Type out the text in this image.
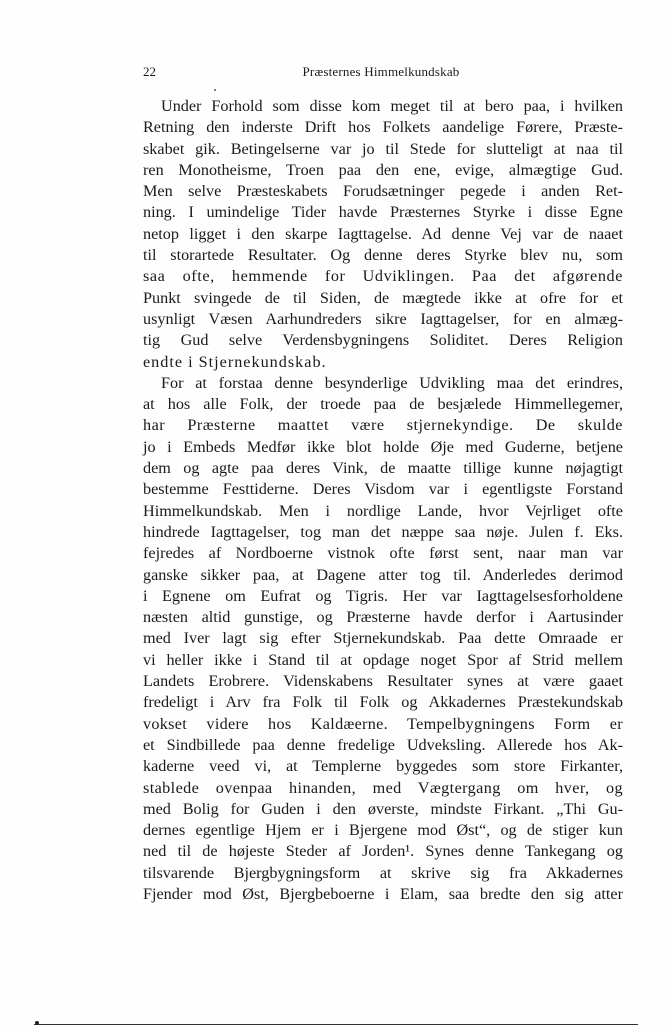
22	Præsternes Himmelkundskab
Under Forhold som disse kom meget til at bero paa, i hvilken
Retning den inderste Drift hos Folkets aandelige Førere, Præste-
skabet gik. Betingelserne var jo til Stede for slutteligt at naa til
ren Monotheisme, Troen paa den ene, evige, almægtige Gud.
Men selve Præsteskabets Forudsætninger pegede i anden Ret-
ning. I umindelige Tider havde Præsternes Styrke i disse Egne
netop ligget i den skarpe Iagttagelse. Ad denne Vej var de naaet
til storartede Resultater. Og denne deres Styrke blev nu, som
saa ofte, hemmende for Udviklingen. Paa det afgørende
Punkt svingede de til Siden, de mægtede ikke at ofre for et
usynligt Væsen Aarhundreders sikre Iagttagelser, for en almæg-
tig Gud selve Verdensbygningens Soliditet. Deres Religion
endte i Stjernekundskab.
For at forstaa denne besynderlige Udvikling maa det erindres,
at hos alle Folk, der troede paa de besjælede Himmellegemer,
har Præsterne maattet være stjernekyndige. De skulde
jo i Embeds Medfør ikke blot holde Øje med Guderne, betjene
dem og agte paa deres Vink, de maatte tillige kunne nøjagtigt
bestemme Festtiderne. Deres Visdom var i egentligste Forstand
Himmelkundskab. Men i nordlige Lande, hvor Vejrliget ofte
hindrede Iagttagelser, tog man det næppe saa nøje. Julen f. Eks.
fejredes af Nordboerne vistnok ofte først sent, naar man var
ganske sikker paa, at Dagene atter tog til. Anderledes derimod
i Egnene om Eufrat og Tigris. Her var Iagttagelsesforholdene
næsten altid gunstige, og Præsterne havde derfor i Aartusinder
med Iver lagt sig efter Stjernekundskab. Paa dette Omraade er
vi heller ikke i Stand til at opdage noget Spor af Strid mellem
Landets Erobrere. Videnskabens Resultater synes at være gaaet
fredeligt i Arv fra Folk til Folk og Akkadernes Præstekundskab
vokset videre hos Kaldæerne. Tempelbygningens Form er
et Sindbillede paa denne fredelige Udveksling. Allerede hos Ak-
kaderne veed vi, at Templerne byggedes som store Firkanter,
stablede ovenpaa hinanden, med Vægtergang om hver, og
med Bolig for Guden i den øverste, mindste Firkant. „Thi Gu-
dernes egentlige Hjem er i Bjergene mod Øst“, og de stiger kun
ned til de højeste Steder af Jorden¹. Synes denne Tankegang og
tilsvarende Bjergbygningsform at skrive sig fra Akkadernes
Fjender mod Øst, Bjergbeboerne i Elam, saa bredte den sig atter
